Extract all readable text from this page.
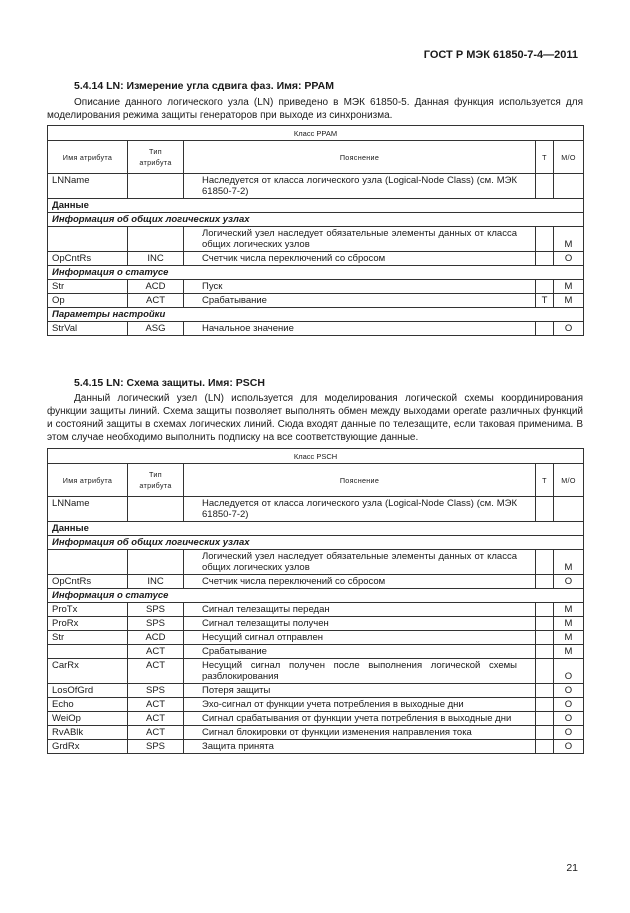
ГОСТ Р МЭК 61850-7-4—2011
5.4.14 LN: Измерение угла сдвига фаз. Имя: PPAM

Описание данного логического узла (LN) приведено в МЭК 61850-5. Данная функция используется для моделирования режима защиты генераторов при выходе из синхронизма.

Класс PPAM				
Имя атрибута	Тип атрибута	Пояснение	Т	М/О
LNName		Наследуется от класса логического узла (Logical-Node Class) (см. МЭК 61850-7-2)		
Данные				
Информация об общих логических узлах				
		Логический узел наследует обязательные элементы данных от класса общих логических узлов		M
OpCntRs	INC	Счетчик числа переключений со сбросом		O
Информация о статусе				
Str	ACD	Пуск		M
Op	ACT	Срабатывание	T	M
Параметры настройки				
StrVal	ASG	Начальное значение		O
5.4.15 LN: Схема защиты. Имя: PSCH

Данный логический узел (LN) используется для моделирования логической схемы координирования функции защиты линий. Схема защиты позволяет выполнять обмен между выходами operate различных функций и состояний защиты в схемах логических линий. Сюда входят данные по телезащите, если таковая применима. В этом случае необходимо выполнить подписку на все соответствующие данные.

Класс PSCH				
Имя атрибута	Тип атрибута	Пояснение	Т	М/О
LNName		Наследуется от класса логического узла (Logical-Node Class) (см. МЭК 61850-7-2)		
Данные				
Информация об общих логических узлах				
		Логический узел наследует обязательные элементы данных от класса общих логических узлов		M
OpCntRs	INC	Счетчик числа переключений со сбросом		O
Информация о статусе				
ProTx	SPS	Сигнал телезащиты передан		M
ProRx	SPS	Сигнал телезащиты получен		M
Str	ACD	Несущий сигнал отправлен		M
	ACT	Срабатывание		M
CarRx	ACT	Несущий сигнал получен после выполнения логической схемы разблокирования		O
LosOfGrd	SPS	Потеря защиты		O
Echo	ACT	Эхо-сигнал от функции учета потребления в выходные дни		O
WeiOp	ACT	Сигнал срабатывания от функции учета потребления в выходные дни		O
RvABlk	ACT	Сигнал блокировки от функции изменения направления тока		O
GrdRx	SPS	Защита принята		O
21
